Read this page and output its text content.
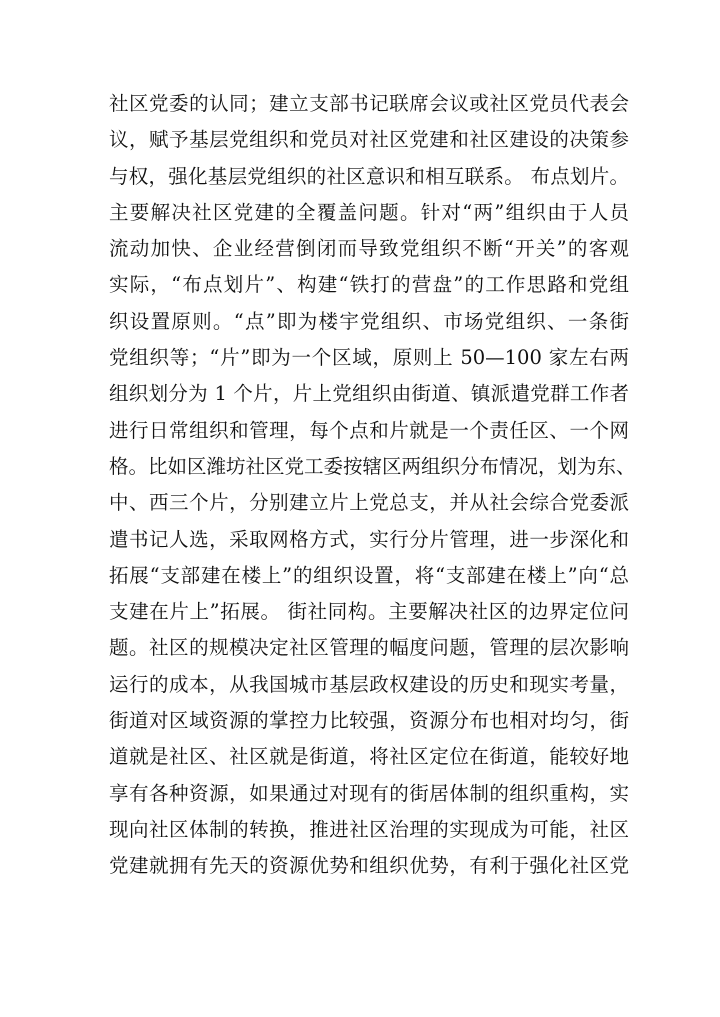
社区党委的认同；建立支部书记联席会议或社区党员代表会
议，赋予基层党组织和党员对社区党建和社区建设的决策参
与权，强化基层党组织的社区意识和相互联系。 布点划片。
主要解决社区党建的全覆盖问题。针对“两”组织由于人员
流动加快、企业经营倒闭而导致党组织不断“开关”的客观
实际，“布点划片”、构建“铁打的营盘”的工作思路和党组
织设置原则。“点”即为楼宇党组织、市场党组织、一条街
党组织等；“片”即为一个区域，原则上 50—100 家左右两
组织划分为 1 个片，片上党组织由街道、镇派遣党群工作者
进行日常组织和管理，每个点和片就是一个责任区、一个网
格。比如区潍坊社区党工委按辖区两组织分布情况，划为东、
中、西三个片，分别建立片上党总支，并从社会综合党委派
遣书记人选，采取网格方式，实行分片管理，进一步深化和
拓展“支部建在楼上”的组织设置，将“支部建在楼上”向“总
支建在片上”拓展。 街社同构。主要解决社区的边界定位问
题。社区的规模决定社区管理的幅度问题，管理的层次影响
运行的成本，从我国城市基层政权建设的历史和现实考量，
街道对区域资源的掌控力比较强，资源分布也相对均匀，街
道就是社区、社区就是街道，将社区定位在街道，能较好地
享有各种资源，如果通过对现有的街居体制的组织重构，实
现向社区体制的转换，推进社区治理的实现成为可能，社区
党建就拥有先天的资源优势和组织优势，有利于强化社区党
